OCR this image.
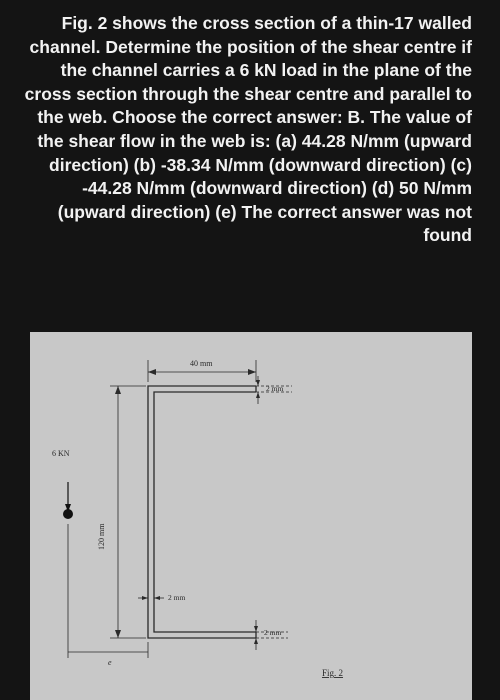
Fig. 2 shows the cross section of a thin-17 walled channel. Determine the position of the shear centre if the channel carries a 6 kN load in the plane of the cross section through the shear centre and parallel to the web. Choose the correct answer: B. The value of the shear flow in the web is: (a) 44.28 N/mm (upward direction) (b) -38.34 N/mm (downward direction) (c) -44.28 N/mm (downward direction) (d) 50 N/mm (upward direction) (e) The correct answer was not found

40 mm
2 mm
120 mm
2 mm
2 mm
6 KN
e
Fig. 2
